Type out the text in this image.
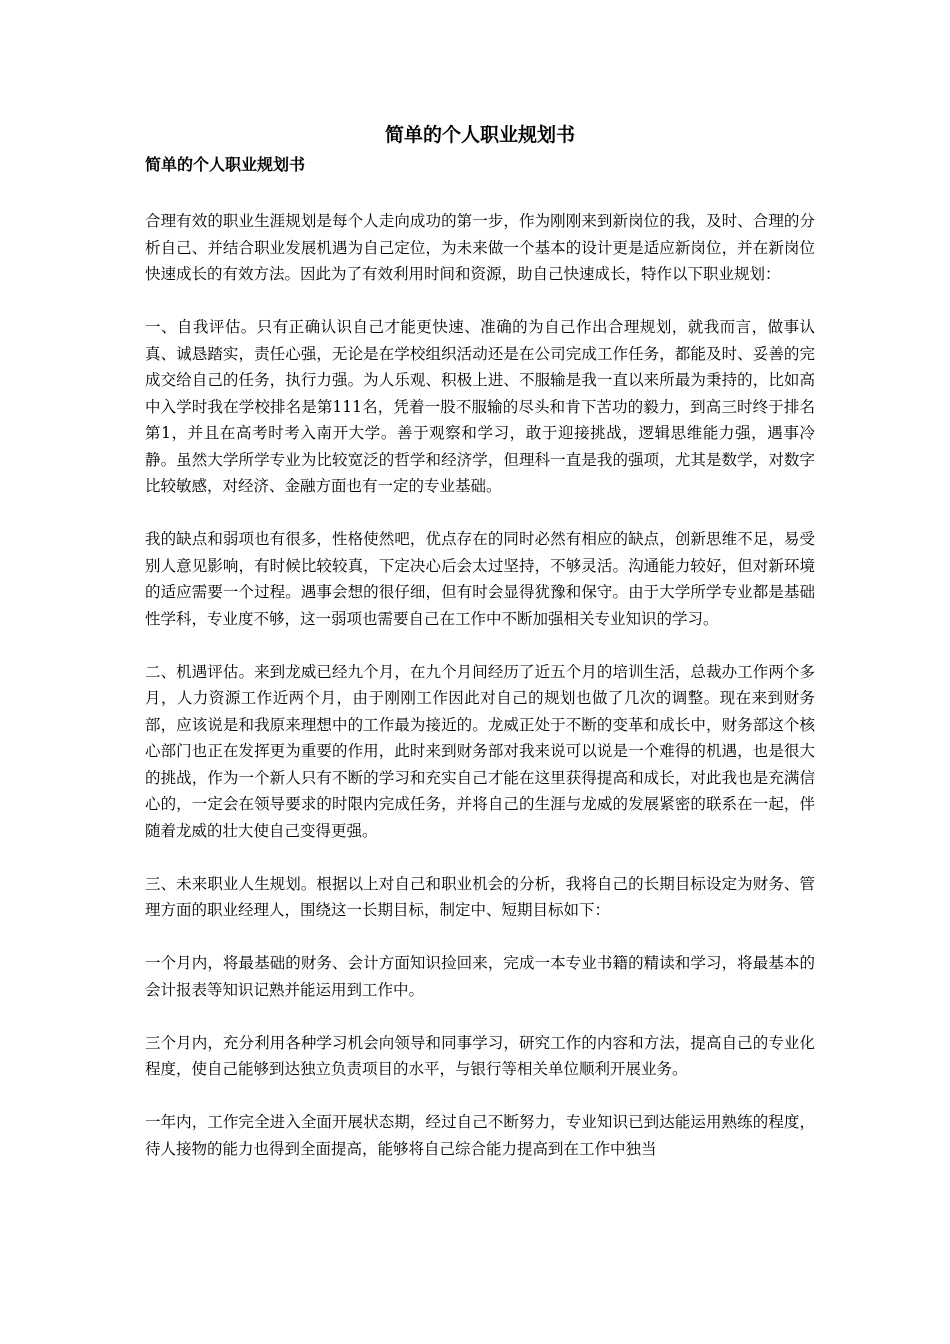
简单的个人职业规划书
简单的个人职业规划书

合理有效的职业生涯规划是每个人走向成功的第一步，作为刚刚来到新岗位的我，及时、合理的分析自己、并结合职业发展机遇为自己定位，为未来做一个基本的设计更是适应新岗位，并在新岗位快速成长的有效方法。因此为了有效利用时间和资源，助自己快速成长，特作以下职业规划：

一、自我评估。只有正确认识自己才能更快速、准确的为自己作出合理规划，就我而言，做事认真、诚恳踏实，责任心强，无论是在学校组织活动还是在公司完成工作任务，都能及时、妥善的完成交给自己的任务，执行力强。为人乐观、积极上进、不服输是我一直以来所最为秉持的，比如高中入学时我在学校排名是第111名，凭着一股不服输的尽头和肯下苦功的毅力，到高三时终于排名第1，并且在高考时考入南开大学。善于观察和学习，敢于迎接挑战，逻辑思维能力强，遇事冷静。虽然大学所学专业为比较宽泛的哲学和经济学，但理科一直是我的强项，尤其是数学，对数字比较敏感，对经济、金融方面也有一定的专业基础。

我的缺点和弱项也有很多，性格使然吧，优点存在的同时必然有相应的缺点，创新思维不足，易受别人意见影响，有时候比较较真，下定决心后会太过坚持，不够灵活。沟通能力较好，但对新环境的适应需要一个过程。遇事会想的很仔细，但有时会显得犹豫和保守。由于大学所学专业都是基础性学科，专业度不够，这一弱项也需要自己在工作中不断加强相关专业知识的学习。

二、机遇评估。来到龙威已经九个月，在九个月间经历了近五个月的培训生活，总裁办工作两个多月，人力资源工作近两个月，由于刚刚工作因此对自己的规划也做了几次的调整。现在来到财务部，应该说是和我原来理想中的工作最为接近的。龙威正处于不断的变革和成长中，财务部这个核心部门也正在发挥更为重要的作用，此时来到财务部对我来说可以说是一个难得的机遇，也是很大的挑战，作为一个新人只有不断的学习和充实自己才能在这里获得提高和成长，对此我也是充满信心的，一定会在领导要求的时限内完成任务，并将自己的生涯与龙威的发展紧密的联系在一起，伴随着龙威的壮大使自己变得更强。

三、未来职业人生规划。根据以上对自己和职业机会的分析，我将自己的长期目标设定为财务、管理方面的职业经理人，围绕这一长期目标，制定中、短期目标如下：

一个月内，将最基础的财务、会计方面知识捡回来，完成一本专业书籍的精读和学习，将最基本的会计报表等知识记熟并能运用到工作中。

三个月内，充分利用各种学习机会向领导和同事学习，研究工作的内容和方法，提高自己的专业化程度，使自己能够到达独立负责项目的水平，与银行等相关单位顺利开展业务。

一年内，工作完全进入全面开展状态期，经过自己不断努力，专业知识已到达能运用熟练的程度，待人接物的能力也得到全面提高，能够将自己综合能力提高到在工作中独当
